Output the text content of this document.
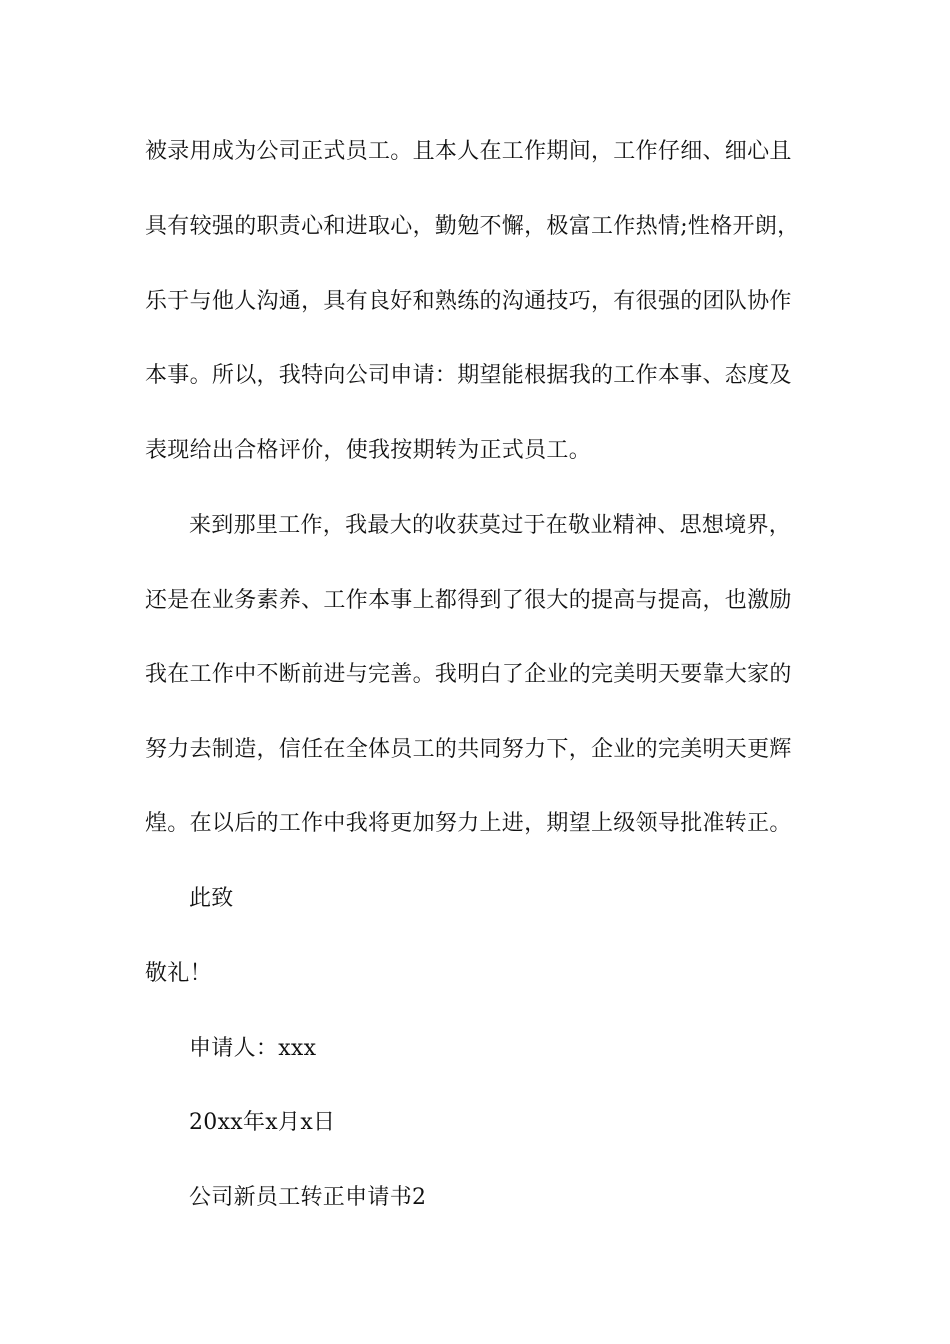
被录用成为公司正式员工。且本人在工作期间，工作仔细、细心且
具有较强的职责心和进取心，勤勉不懈，极富工作热情;性格开朗，
乐于与他人沟通，具有良好和熟练的沟通技巧，有很强的团队协作
本事。所以，我特向公司申请：期望能根据我的工作本事、态度及
表现给出合格评价，使我按期转为正式员工。
来到那里工作，我最大的收获莫过于在敬业精神、思想境界，
还是在业务素养、工作本事上都得到了很大的提高与提高，也激励
我在工作中不断前进与完善。我明白了企业的完美明天要靠大家的
努力去制造，信任在全体员工的共同努力下，企业的完美明天更辉
煌。在以后的工作中我将更加努力上进，期望上级领导批准转正。
此致
敬礼！
申请人：xxx
20xx年x月x日
公司新员工转正申请书2
